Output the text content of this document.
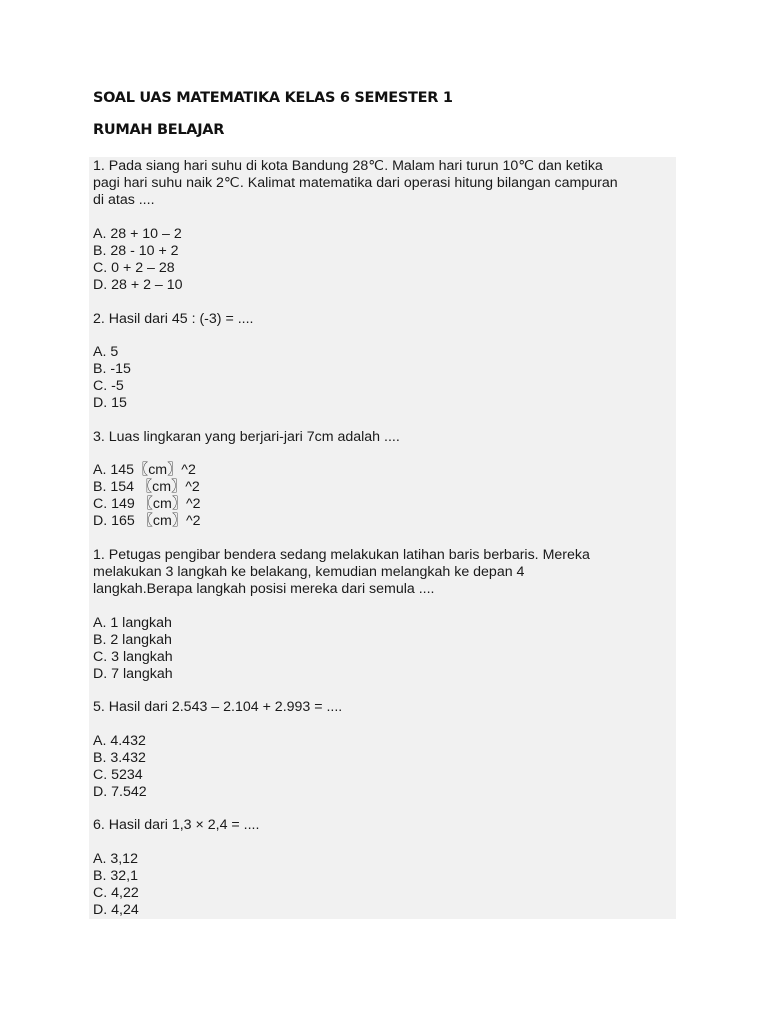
SOAL UAS MATEMATIKA KELAS 6 SEMESTER 1
RUMAH BELAJAR
1. Pada siang hari suhu di kota Bandung 28℃. Malam hari turun 10℃ dan ketika
pagi hari suhu naik 2℃. Kalimat matematika dari operasi hitung bilangan campuran
di atas ....
A. 28 + 10 – 2
B. 28 - 10 + 2
C. 0 + 2 – 28
D. 28 + 2 – 10
2. Hasil dari 45 : (-3) = ....
A. 5
B. -15
C. -5
D. 15
3. Luas lingkaran yang berjari-jari 7cm adalah ....
A. 145〖cm〗^2
B. 154 〖cm〗^2
C. 149 〖cm〗^2
D. 165 〖cm〗^2
1. Petugas pengibar bendera sedang melakukan latihan baris berbaris. Mereka
melakukan 3 langkah ke belakang, kemudian melangkah ke depan 4
langkah.Berapa langkah posisi mereka dari semula ....
A. 1 langkah
B. 2 langkah
C. 3 langkah
D. 7 langkah
5. Hasil dari 2.543 – 2.104 + 2.993 = ....
A. 4.432
B. 3.432
C. 5234
D. 7.542
6. Hasil dari 1,3 × 2,4 = ....
A. 3,12
B. 32,1
C. 4,22
D. 4,24
